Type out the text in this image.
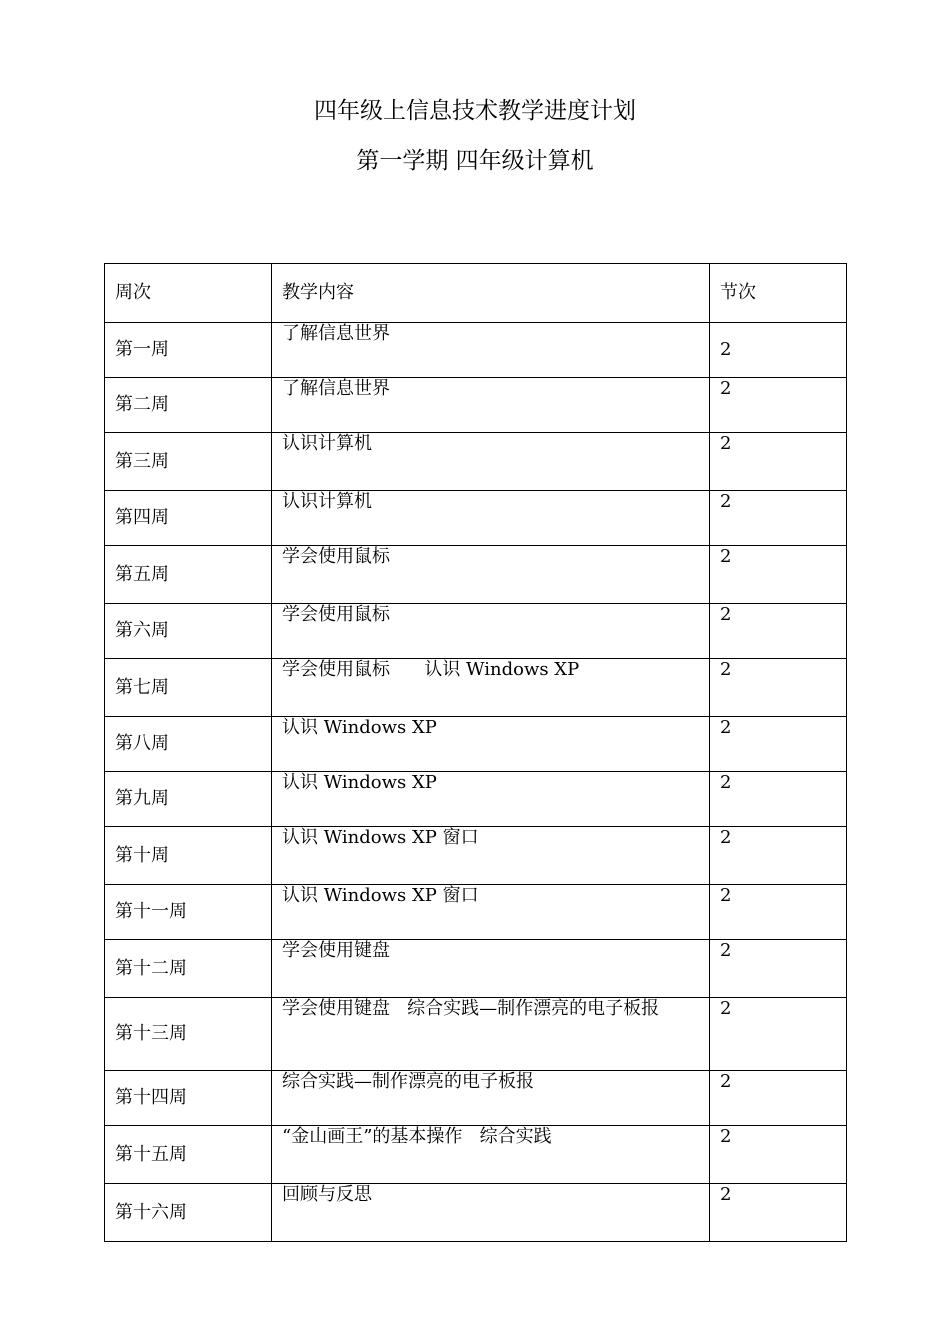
四年级上信息技术教学进度计划
第一学期 四年级计算机
周次	教学内容	节次
第一周	了解信息世界	2
第二周	了解信息世界	2
第三周	认识计算机	2
第四周	认识计算机	2
第五周	学会使用鼠标	2
第六周	学会使用鼠标	2
第七周	学会使用鼠标      认识 Windows XP	2
第八周	认识 Windows XP	2
第九周	认识 Windows XP	2
第十周	认识 Windows XP 窗口	2
第十一周	认识 Windows XP 窗口	2
第十二周	学会使用键盘	2
第十三周	学会使用键盘   综合实践—制作漂亮的电子板报	2
第十四周	综合实践—制作漂亮的电子板报	2
第十五周	“金山画王”的基本操作   综合实践	2
第十六周	回顾与反思	2
